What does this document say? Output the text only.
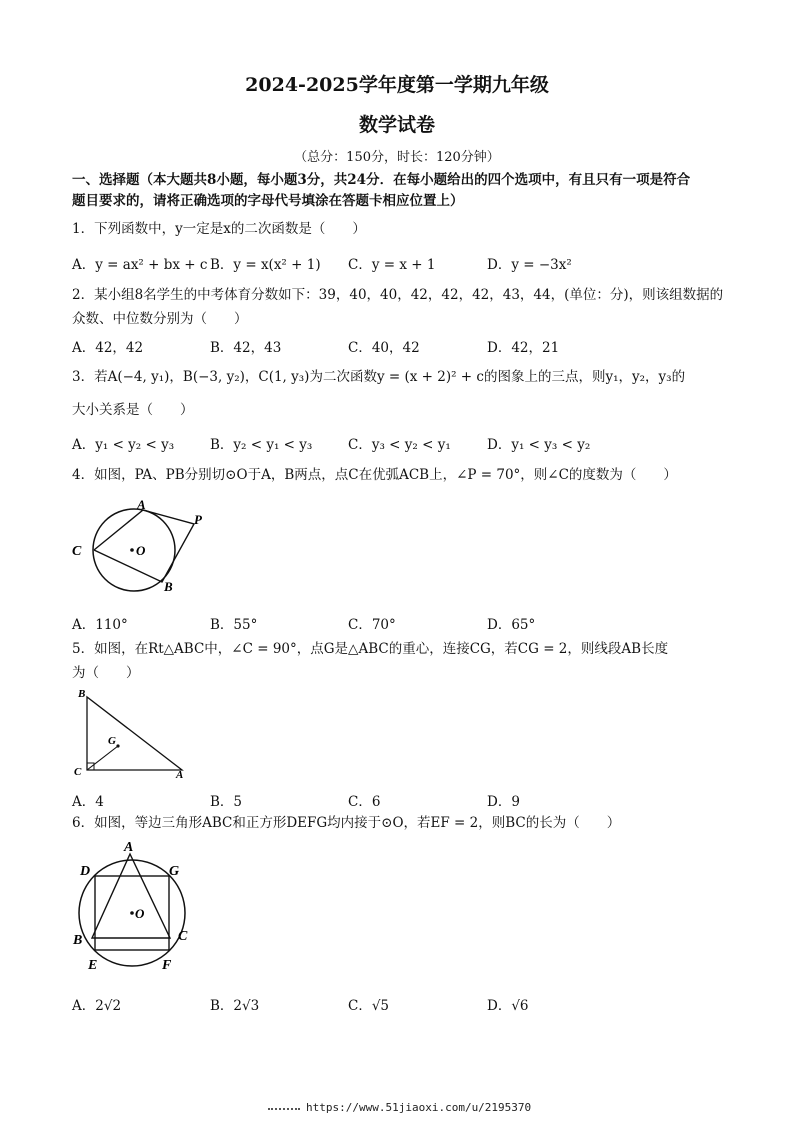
2024-2025学年度第一学期九年级
数学试卷
（总分：150分，时长：120分钟）
一、选择题（本大题共8小题，每小题3分，共24分．在每小题给出的四个选项中，有且只有一项是符合
题目要求的，请将正确选项的字母代号填涂在答题卡相应位置上）
1．下列函数中，y一定是x的二次函数是（　　）
A．y = ax² + bx + c B．y = x(x² + 1) C．y = x + 1	D．y = −3x²
2．某小组8名学生的中考体育分数如下：39，40，40，42，42，42，43，44，(单位：分)，则该组数据的
众数、中位数分别为（　　）
A．42，42	B．42，43	C．40，42	D．42，21
3．若A(−4, y₁)，B(−3, y₂)，C(1, y₃)为二次函数y = (x + 2)² + c的图象上的三点，则y₁，y₂，y₃的
大小关系是（　　）
A．y₁ < y₂ < y₃	B．y₂ < y₁ < y₃	C．y₃ < y₂ < y₁	D．y₁ < y₃ < y₂
4．如图，PA、PB分别切⊙O于A，B两点，点C在优弧ACB上，∠P = 70°，则∠C的度数为（　　）
A
P
C	O
B
A．110°	B．55°	C．70°	D．65°
5．如图，在Rt△ABC中，∠C = 90°，点G是△ABC的重心，连接CG，若CG = 2，则线段AB长度
为（　　）
B
G
C	A
A．4	B．5	C．6	D．9
6．如图，等边三角形ABC和正方形DEFG均内接于⊙O，若EF = 2，则BC的长为（　　）
A
D	G
O
B	C
E	F
A．2√2	B．2√3	C．√5	D．√6
https://www.51jiaoxi.com/u/2195370
